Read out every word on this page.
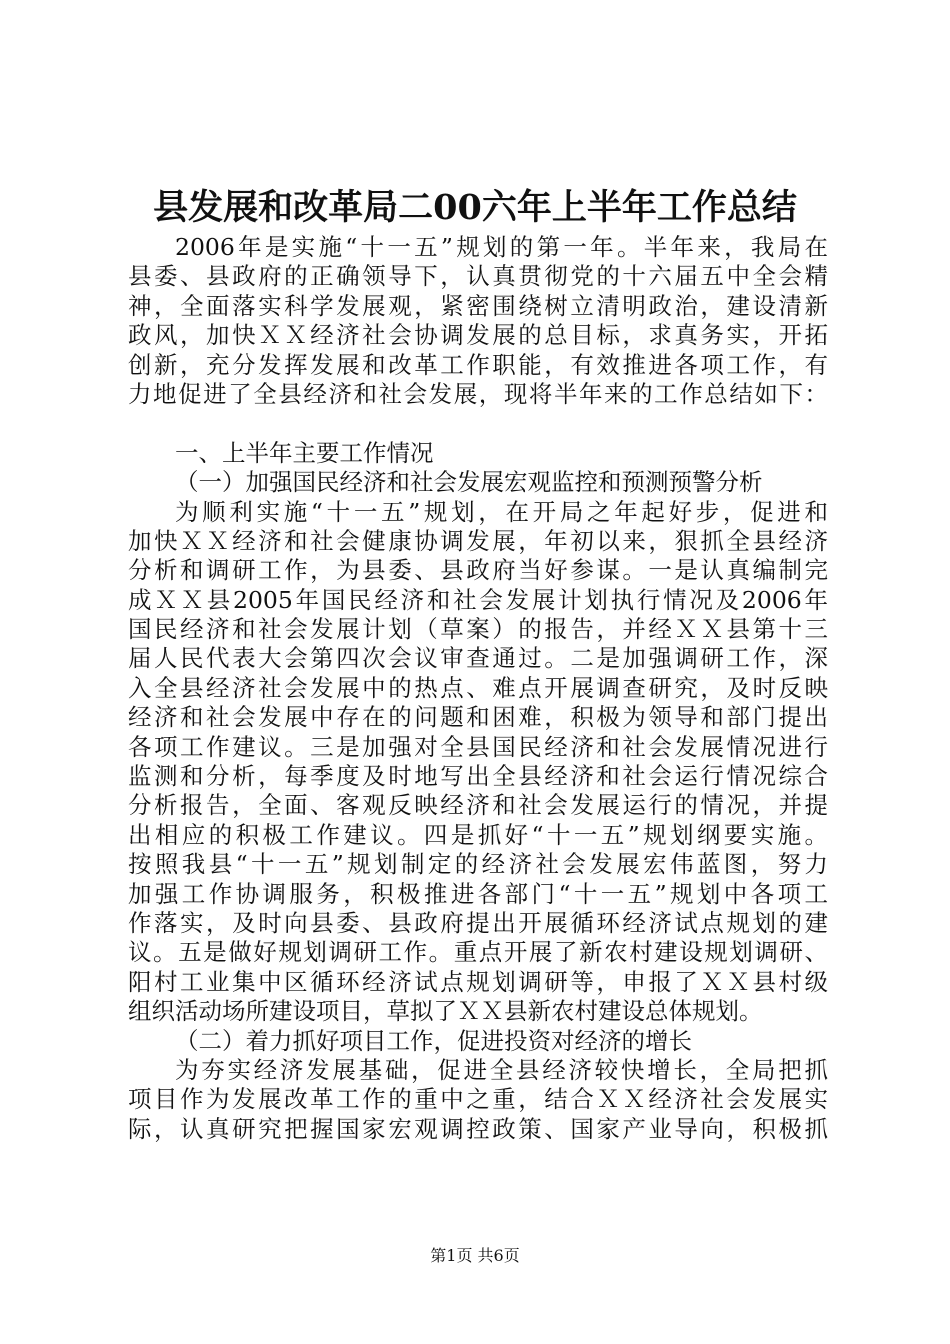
县发展和改革局二00六年上半年工作总结
2006年是实施“十一五”规划的第一年。半年来，我局在
县委、县政府的正确领导下，认真贯彻党的十六届五中全会精
神，全面落实科学发展观，紧密围绕树立清明政治，建设清新
政风，加快ＸＸ经济社会协调发展的总目标，求真务实，开拓
创新，充分发挥发展和改革工作职能，有效推进各项工作，有
力地促进了全县经济和社会发展，现将半年来的工作总结如下：
一、上半年主要工作情况
（一）加强国民经济和社会发展宏观监控和预测预警分析
为顺利实施“十一五”规划，在开局之年起好步，促进和
加快ＸＸ经济和社会健康协调发展，年初以来，狠抓全县经济
分析和调研工作，为县委、县政府当好参谋。一是认真编制完
成ＸＸ县2005年国民经济和社会发展计划执行情况及2006年
国民经济和社会发展计划（草案）的报告，并经ＸＸ县第十三
届人民代表大会第四次会议审查通过。二是加强调研工作，深
入全县经济社会发展中的热点、难点开展调查研究，及时反映
经济和社会发展中存在的问题和困难，积极为领导和部门提出
各项工作建议。三是加强对全县国民经济和社会发展情况进行
监测和分析，每季度及时地写出全县经济和社会运行情况综合
分析报告，全面、客观反映经济和社会发展运行的情况，并提
出相应的积极工作建议。四是抓好“十一五”规划纲要实施。
按照我县“十一五”规划制定的经济社会发展宏伟蓝图，努力
加强工作协调服务，积极推进各部门“十一五”规划中各项工
作落实，及时向县委、县政府提出开展循环经济试点规划的建
议。五是做好规划调研工作。重点开展了新农村建设规划调研、
阳村工业集中区循环经济试点规划调研等，申报了ＸＸ县村级
组织活动场所建设项目，草拟了ＸＸ县新农村建设总体规划。
（二）着力抓好项目工作，促进投资对经济的增长
为夯实经济发展基础，促进全县经济较快增长，全局把抓
项目作为发展改革工作的重中之重，结合ＸＸ经济社会发展实
际，认真研究把握国家宏观调控政策、国家产业导向，积极抓
第1页 共6页
